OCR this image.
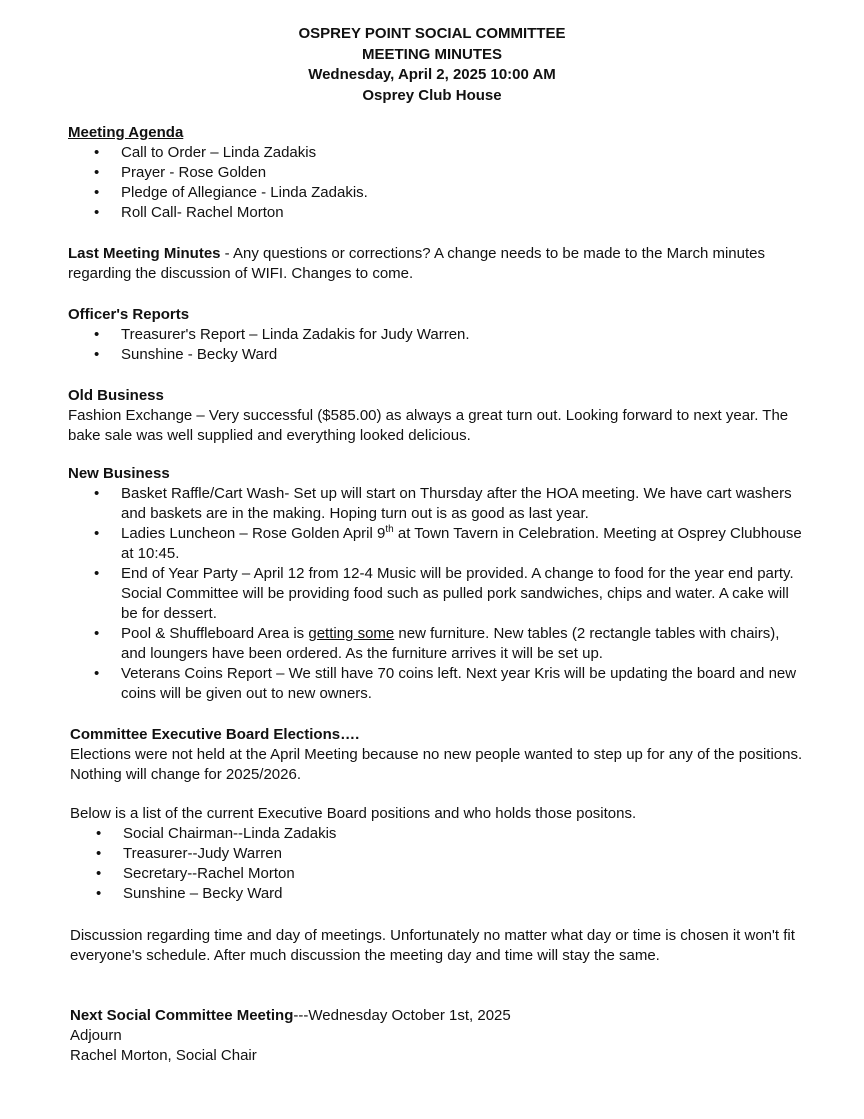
OSPREY POINT SOCIAL COMMITTEE
MEETING MINUTES
Wednesday, April 2, 2025 10:00 AM
Osprey Club House
Meeting Agenda
• Call to Order – Linda Zadakis
• Prayer - Rose Golden
• Pledge of Allegiance - Linda Zadakis.
• Roll Call- Rachel Morton

Last Meeting Minutes - Any questions or corrections? A change needs to be made to the March minutes regarding the discussion of WIFI. Changes to come.

Officer's Reports
• Treasurer's Report – Linda Zadakis for Judy Warren.
• Sunshine - Becky Ward
Old Business

Fashion Exchange – Very successful ($585.00) as always a great turn out. Looking forward to next year. The bake sale was well supplied and everything looked delicious.

New Business
• Basket Raffle/Cart Wash- Set up will start on Thursday after the HOA meeting. We have cart washers and baskets are in the making. Hoping turn out is as good as last year.
• Ladies Luncheon – Rose Golden April 9th at Town Tavern in Celebration. Meeting at Osprey Clubhouse at 10:45.
• End of Year Party – April 12 from 12-4 Music will be provided. A change to food for the year end party. Social Committee will be providing food such as pulled pork sandwiches, chips and water. A cake will be for dessert.
• Pool & Shuffleboard Area is getting some new furniture. New tables (2 rectangle tables with chairs), and loungers have been ordered. As the furniture arrives it will be set up.
• Veterans Coins Report – We still have 70 coins left. Next year Kris will be updating the board and new coins will be given out to new owners.
Committee Executive Board Elections….

Elections were not held at the April Meeting because no new people wanted to step up for any of the positions. Nothing will change for 2025/2026.

Below is a list of the current Executive Board positions and who holds those positons.

• Social Chairman--Linda Zadakis
• Treasurer--Judy Warren
• Secretary--Rachel Morton
• Sunshine – Becky Ward

Discussion regarding time and day of meetings. Unfortunately no matter what day or time is chosen it won't fit everyone's schedule. After much discussion the meeting day and time will stay the same.

Next Social Committee Meeting---Wednesday October 1st, 2025

Adjourn

Rachel Morton, Social Chair
